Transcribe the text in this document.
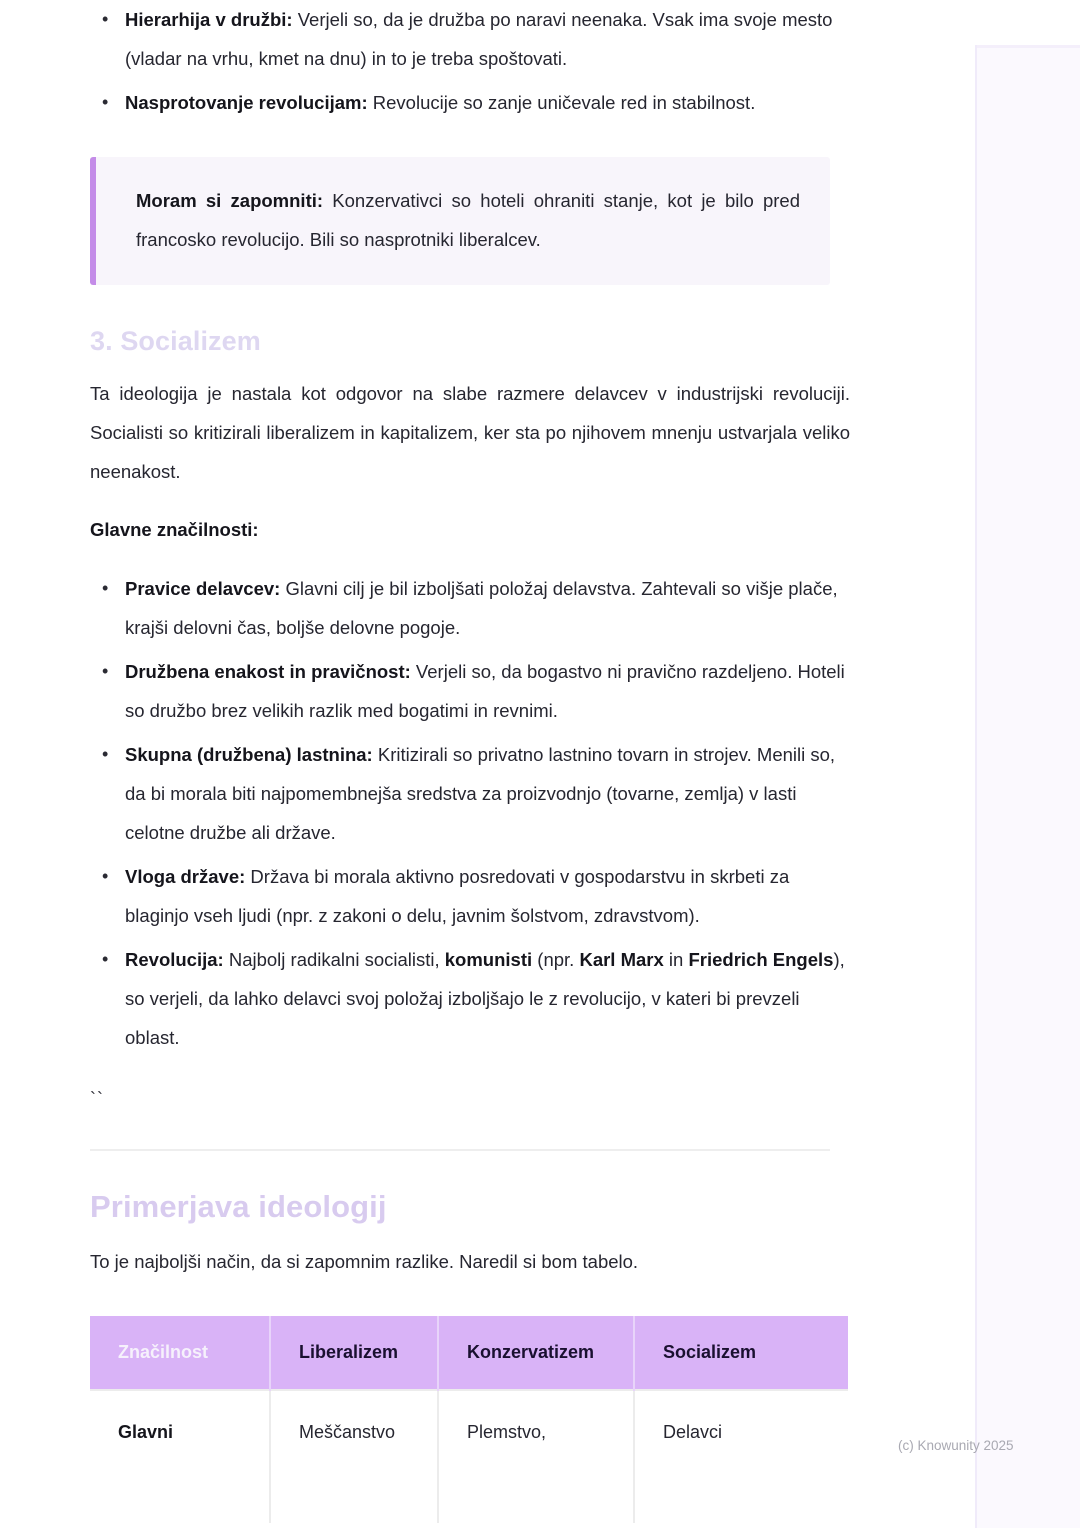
• Hierarhija v družbi: Verjeli so, da je družba po naravi neenaka. Vsak ima svoje mesto (vladar na vrhu, kmet na dnu) in to je treba spoštovati.
• Nasprotovanje revolucijam: Revolucije so zanje uničevale red in stabilnost.

Moram si zapomniti: Konzervativci so hoteli ohraniti stanje, kot je bilo pred francosko revolucijo. Bili so nasprotniki liberalcev.

3. Socializem

Ta ideologija je nastala kot odgovor na slabe razmere delavcev v industrijski revoluciji. Socialisti so kritizirali liberalizem in kapitalizem, ker sta po njihovem mnenju ustvarjala veliko neenakost.

Glavne značilnosti:

• Pravice delavcev: Glavni cilj je bil izboljšati položaj delavstva. Zahtevali so višje plače, krajši delovni čas, boljše delovne pogoje.
• Družbena enakost in pravičnost: Verjeli so, da bogastvo ni pravično razdeljeno. Hoteli so družbo brez velikih razlik med bogatimi in revnimi.
• Skupna (družbena) lastnina: Kritizirali so privatno lastnino tovarn in strojev. Menili so, da bi morala biti najpomembnejša sredstva za proizvodnjo (tovarne, zemlja) v lasti celotne družbe ali države.
• Vloga države: Država bi morala aktivno posredovati v gospodarstvu in skrbeti za blaginjo vseh ljudi (npr. z zakoni o delu, javnim šolstvom, zdravstvom).
• Revolucija: Najbolj radikalni socialisti, komunisti (npr. Karl Marx in Friedrich Engels), so verjeli, da lahko delavci svoj položaj izboljšajo le z revolucijo, v kateri bi prevzeli oblast.

``

Primerjava ideologij

To je najboljši način, da si zapomnim razlike. Naredil si bom tabelo.

Značilnost	Liberalizem	Konzervatizem	Socializem
Glavni	Meščanstvo	Plemstvo,	Delavci
(c) Knowunity 2025
